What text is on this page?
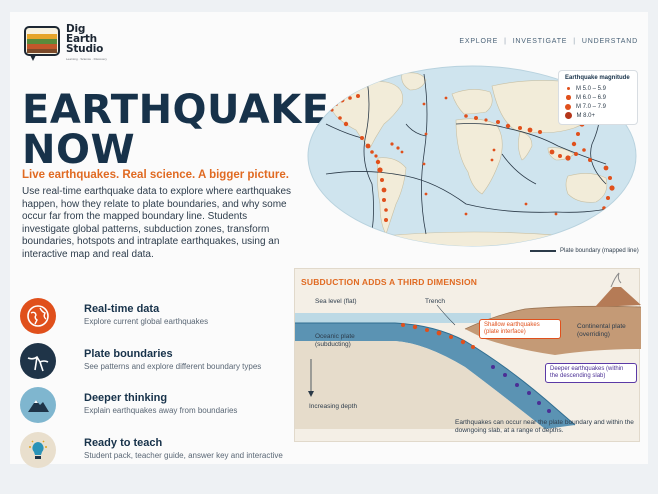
Dig
Earth
Studio
Learning · Science · Discovery
EXPLORE | INVESTIGATE | UNDERSTAND
EARTHQUAKE
NOW
Live earthquakes. Real science. A bigger picture.
Use real-time earthquake data to explore where earthquakes happen, how they relate to plate boundaries, and why some occur far from the mapped boundary line. Students investigate global patterns, subduction zones, transform boundaries, hotspots and intraplate earthquakes, using an interactive map and real data.
Real-time data
Explore current global earthquakes
Plate boundaries
See patterns and explore different boundary types
Deeper thinking
Explain earthquakes away from boundaries
Ready to teach
Student pack, teacher guide, answer key and interactive
Earthquake magnitude
M 5.0 – 5.9
M 6.0 – 6.9
M 7.0 – 7.9
M 8.0+
Plate boundary (mapped line)
SUBDUCTION ADDS A THIRD DIMENSION
Sea level (flat)	Trench
Oceanic plate (subducting)
Continental plate (overriding)
Shallow earthquakes (plate interface)
Deeper earthquakes (within the descending slab)
Increasing depth
Earthquakes can occur near the plate boundary and within the downgoing slab, at a range of depths.
